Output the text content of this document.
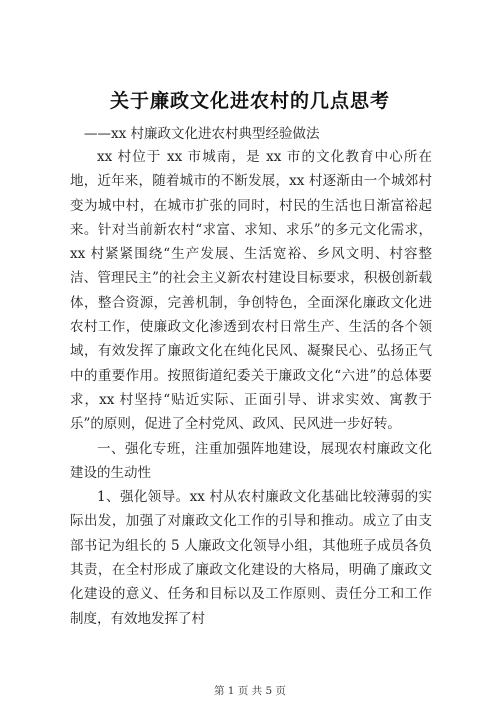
关于廉政文化进农村的几点思考
——xx 村廉政文化进农村典型经验做法

xx 村位于 xx 市城南，是 xx 市的文化教育中心所在地，近年来，随着城市的不断发展，xx 村逐渐由一个城郊村变为城中村，在城市扩张的同时，村民的生活也日渐富裕起来。针对当前新农村“求富、求知、求乐”的多元文化需求，xx 村紧紧围绕“生产发展、生活宽裕、乡风文明、村容整洁、管理民主”的社会主义新农村建设目标要求，积极创新载体，整合资源，完善机制，争创特色，全面深化廉政文化进农村工作，使廉政文化渗透到农村日常生产、生活的各个领域，有效发挥了廉政文化在纯化民风、凝聚民心、弘扬正气中的重要作用。按照街道纪委关于廉政文化“六进”的总体要求，xx 村坚持“贴近实际、正面引导、讲求实效、寓教于乐”的原则，促进了全村党风、政风、民风进一步好转。

一、强化专班，注重加强阵地建设，展现农村廉政文化建设的生动性

1、强化领导。xx 村从农村廉政文化基础比较薄弱的实际出发，加强了对廉政文化工作的引导和推动。成立了由支部书记为组长的 5 人廉政文化领导小组，其他班子成员各负其责，在全村形成了廉政文化建设的大格局，明确了廉政文化建设的意义、任务和目标以及工作原则、责任分工和工作制度，有效地发挥了村

第 1 页 共 5 页
